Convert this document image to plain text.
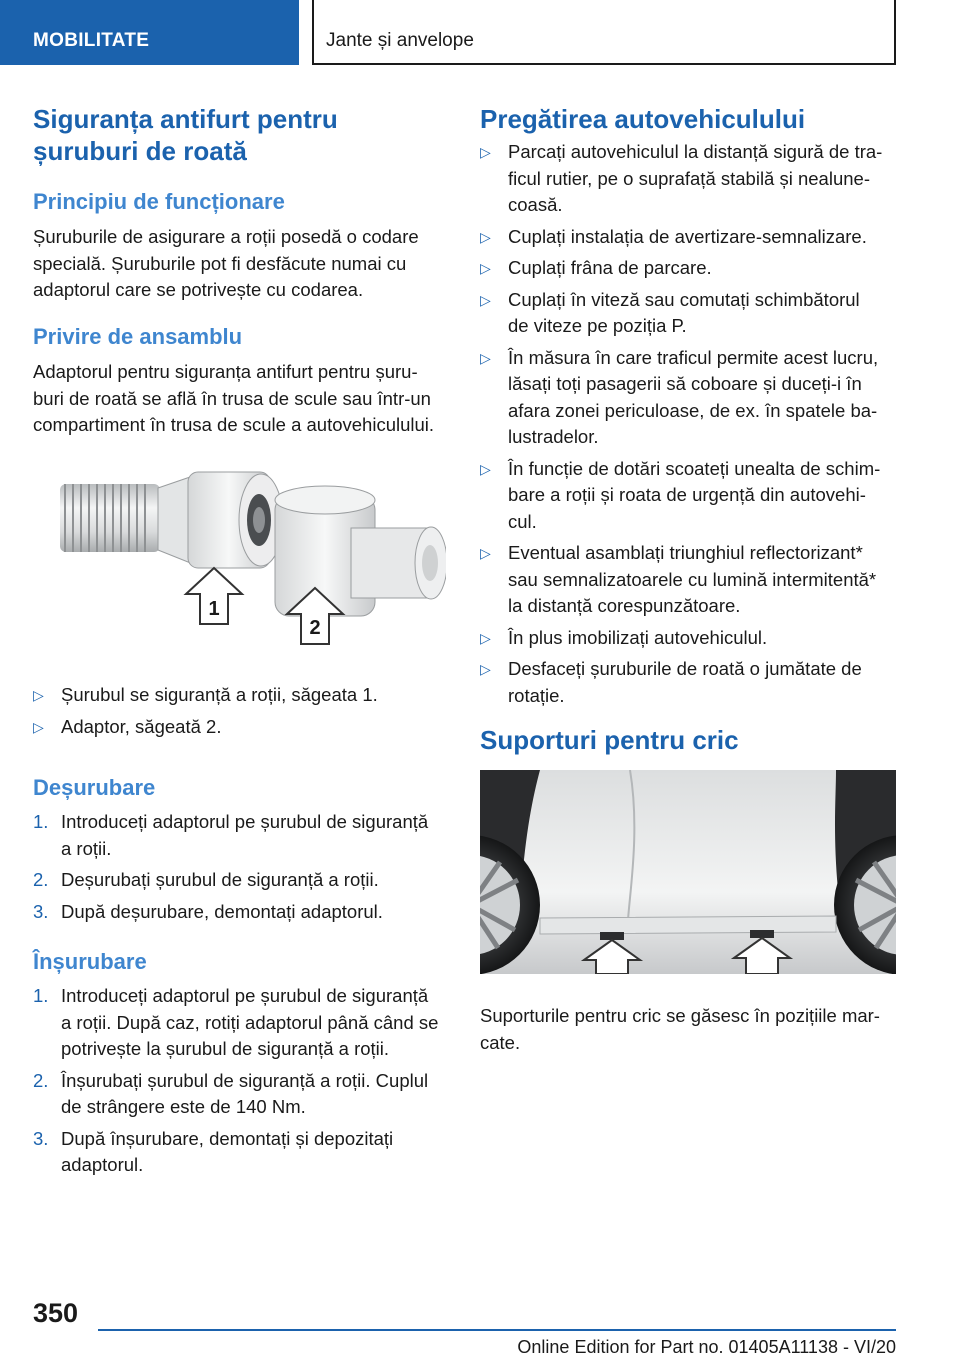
MOBILITATE	Jante și anvelope
Siguranța antifurt pentru
șuruburi de roată
Principiu de funcționare

Șuruburile de asigurare a roții posedă o codare
specială. Șuruburile pot fi desfăcute numai cu
adaptorul care se potrivește cu codarea.

Privire de ansamblu

Adaptorul pentru siguranța antifurt pentru șuru-
buri de roată se află în trusa de scule sau într-un
compartiment în trusa de scule a autovehiculului.

1
2
▷ Șurubul se siguranță a roții, săgeata 1.
▷ Adaptor, săgeată 2.
Deșurubare
1. Introduceți adaptorul pe șurubul de siguranță
a roții.
2. Deșurubați șurubul de siguranță a roții.
3. După deșurubare, demontați adaptorul.
Înșurubare
1. Introduceți adaptorul pe șurubul de siguranță
a roții. După caz, rotiți adaptorul până când se
potrivește la șurubul de siguranță a roții.
2. Înșurubați șurubul de siguranță a roții. Cuplul
de strângere este de 140 Nm.
3. După înșurubare, demontați și depozitați
adaptorul.
Pregătirea autovehiculului
▷ Parcați autovehiculul la distanță sigură de tra-
ficul rutier, pe o suprafață stabilă și nealune-
coasă.
▷ Cuplați instalația de avertizare-semnalizare.
▷ Cuplați frâna de parcare.
▷ Cuplați în viteză sau comutați schimbătorul
de viteze pe poziția P.
▷ În măsura în care traficul permite acest lucru,
lăsați toți pasagerii să coboare și duceți-i în
afara zonei periculoase, de ex. în spatele ba-
lustradelor.
▷ În funcție de dotări scoateți unealta de schim-
bare a roții și roata de urgență din autovehi-
cul.
▷ Eventual asamblați triunghiul reflectorizant*
sau semnalizatoarele cu lumină intermitentă*
la distanță corespunzătoare.
▷ În plus imobilizați autovehiculul.
▷ Desfaceți șuruburile de roată o jumătate de
rotație.
Suporturi pentru cric

Suporturile pentru cric se găsesc în pozițiile mar-
cate.

350
Online Edition for Part no. 01405A11138 - VI/20
